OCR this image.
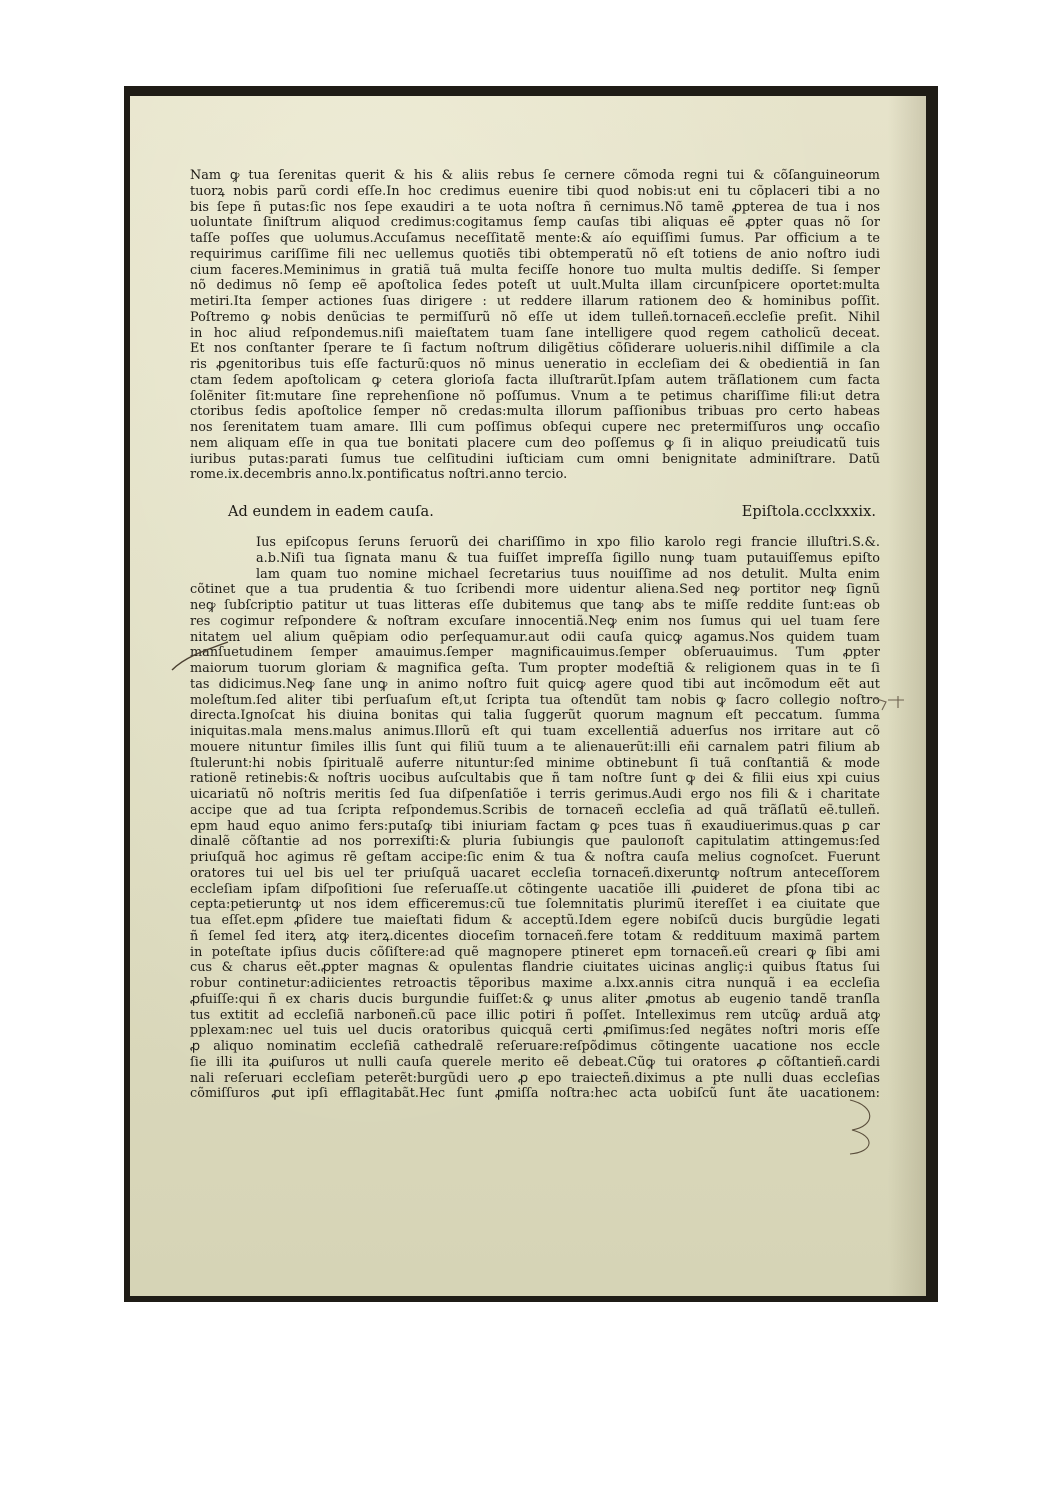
Nam ꝙ tua ſerenitas querit & his & aliis rebus ſe cernere cõmoda regni tui & cõſanguineorum
tuorꝝ nobis parũ cordi eſſe.In hoc credimus euenire tibi quod nobis:ut eni tu cõplaceri tibi a no
bis ſepe ñ putas:ſic nos ſepe exaudiri a te uota noſtra ñ cernimus.Nõ tamẽ ꝓpterea de tua i nos
uoluntate ſiniſtrum aliquod credimus:cogitamus ſemp cauſas tibi aliquas eẽ ꝓpter quas nõ ſor
taſſe poſſes que uolumus.Accuſamus neceſſitatẽ mente:& aío equiſſimi ſumus. Par officium a te
requirimus cariſſime fili nec uellemus quotiẽs tibi obtemperatũ nõ eſt totiens de anio noſtro iudi
cium faceres.Meminimus in gratiã tuã multa feciſſe honore tuo multa multis dediſſe. Si ſemper
nõ dedimus nõ ſemp eẽ apoſtolica ſedes poteſt ut uult.Multa illam circunſpicere oportet:multa
metiri.Ita ſemper actiones ſuas dirigere : ut reddere illarum rationem deo & hominibus poſſit.
Poſtremo ꝙ nobis denũcias te permiſſurũ nõ eſſe ut idem tulleñ.tornaceñ.eccleſie preſit. Nihil
in hoc aliud reſpondemus.niſi maieſtatem tuam ſane intelligere quod regem catholicũ deceat.
Et nos conſtanter ſperare te ſi factum noſtrum diligẽtius cõſiderare uolueris.nihil diſſimile a cla
ris ꝓgenitoribus tuis eſſe facturũ:quos nõ minus ueneratio in eccleſiam dei & obedientiã in ſan
ctam ſedem apoſtolicam ꝙ cetera glorioſa facta illuſtrarũt.Ipſam autem trãſlationem cum facta
ſolẽniter ſit:mutare ſine reprehenſione nõ poſſumus. Vnum a te petimus chariſſime fili:ut detra
ctoribus ſedis apoſtolice ſemper nõ credas:multa illorum paſſionibus tribuas pro certo habeas
nos ſerenitatem tuam amare. Illi cum poſſimus obſequi cupere nec pretermiſſuros unꝙ occaſio
nem aliquam eſſe in qua tue bonitati placere cum deo poſſemus ꝙ ſi in aliquo preiudicatũ tuis
iuribus putas:parati ſumus tue celſitudini iuſticiam cum omni benignitate adminiſtrare. Datũ
rome.ix.decembris anno.lx.pontificatus noſtri.anno tercio.
Ad eundem in eadem cauſa.	Epiſtola.ccclxxxix.
Ius epiſcopus ſeruns ſeruorũ dei chariſſimo in xpo filio karolo regi francie illuſtri.S.&.
a.b.Niſi tua ſignata manu & tua fuiſſet impreſſa ſigillo nunꝙ tuam putauiſſemus epiſto
lam quam tuo nomine michael ſecretarius tuus nouiſſime ad nos detulit. Multa enim
cõtinet que a tua prudentia & tuo ſcribendi more uidentur aliena.Sed neꝙ portitor neꝙ ſignũ
neꝙ ſubſcriptio patitur ut tuas litteras eſſe dubitemus que tanꝙ abs te miſſe reddite ſunt:eas ob
res cogimur reſpondere & noſtram excuſare innocentiã.Neꝙ enim nos ſumus qui uel tuam ſere
nitatem uel alium quẽpiam odio perſequamur.aut odii cauſa quicꝙ agamus.Nos quidem tuam
manſuetudinem ſemper amauimus.ſemper magnificauimus.ſemper obſeruauimus. Tum ꝓpter
maiorum tuorum gloriam & magnifica geſta. Tum propter modeſtiã & religionem quas in te ſi
tas didicimus.Neꝙ ſane unꝙ in animo noſtro fuit quicꝙ agere quod tibi aut incõmodum eẽt aut
moleſtum.ſed aliter tibi perſuaſum eſt,ut ſcripta tua oſtendũt tam nobis ꝙ ſacro collegio noſtro
directa.Ignoſcat his diuina bonitas qui talia ſuggerũt quorum magnum eſt peccatum. ſumma
iniquitas.mala mens.malus animus.Illorũ eſt qui tuam excellentiã aduerſus nos irritare aut cõ
mouere nituntur ſimiles illis ſunt qui filiũ tuum a te alienauerũt:illi eñi carnalem patri filium ab
ſtulerunt:hi nobis ſpiritualẽ auferre nituntur:ſed minime obtinebunt ſi tuã conſtantiã & mode
rationẽ retinebis:& noſtris uocibus auſcultabis que ñ tam noſtre ſunt ꝙ dei & filii eius xpi cuius
uicariatũ nõ noſtris meritis ſed ſua diſpenſatiõe i terris gerimus.Audi ergo nos fili & i charitate
accipe que ad tua ſcripta reſpondemus.Scribis de tornaceñ eccleſia ad quã trãſlatũ eẽ.tulleñ.
epm haud equo animo fers:putaſꝙ tibi iniuriam factam ꝙ pces tuas ñ exaudiuerimus.quas ꝑ car
dinalẽ cõſtantie ad nos porrexiſti:& pluria ſubiungis que pauloпоſt capitulatim attingemus:ſed
priuſquã hoc agimus rẽ geſtam accipe:ſic enim & tua & noſtra cauſa melius cognoſcet. Fuerunt
oratores tui uel bis uel ter priuſquã uacaret eccleſia tornaceñ.dixeruntꝙ noſtrum anteceſſorem
eccleſiam ipſam diſpoſitioni ſue reſeruaſſe.ut cõtingente uacatiõe illi ꝓuideret de ꝑſona tibi ac
cepta:petieruntꝙ ut nos idem efficeremus:cũ tue ſolemnitatis plurimũ itereſſet i ea ciuitate que
tua eſſet.epm ꝓſidere tue maieſtati fidum & acceptũ.Idem egere nobiſcũ ducis burgũdie legati
ñ ſemel ſed iterꝝ atꝙ iterꝝ.dicentes dioceſim tornaceñ.fere totam & reddituum maximã partem
in poteſtate ipſius ducis cõſiſtere:ad quẽ magnopere ptineret epm tornaceñ.eũ creari ꝙ ſibi ami
cus & charus eẽt.ꝓpter magnas & opulentas flandrie ciuitates uicinas angliç:i quibus ſtatus ſui
robur continetur:adiicientes retroactis tẽporibus maxime a.lxx.annis citra nunquã i ea eccleſia
ꝓfuiſſe:qui ñ ex charis ducis burgundie fuiſſet:& ꝙ unus aliter ꝓmotus ab eugenio tandẽ tranſla
tus extitit ad eccleſiã narboneñ.cũ pace illic potiri ñ poſſet. Intelleximus rem utcũꝙ arduã atꝙ
pplexam:nec uel tuis uel ducis oratoribus quicquã certi ꝓmiſimus:ſed negãtes noſtri moris eſſe
ꝓ aliquo nominatim eccleſiã cathedralẽ reſeruare:reſpõdimus cõtingente uacatione nos eccle
ſie illi ita ꝓuiſuros ut nulli cauſa querele merito eẽ debeat.Cũꝙ tui oratores ꝓ cõſtantieñ.cardi
nali reſeruari eccleſiam peterẽt:burgũdi uero ꝓ epo traiecteñ.diximus a pte nulli duas eccleſias
cõmiſſuros ꝓut ipſi efflagitabãt.Hec ſunt ꝓmiſſa noſtra:hec acta uobiſcũ ſunt ãte uacationem:
